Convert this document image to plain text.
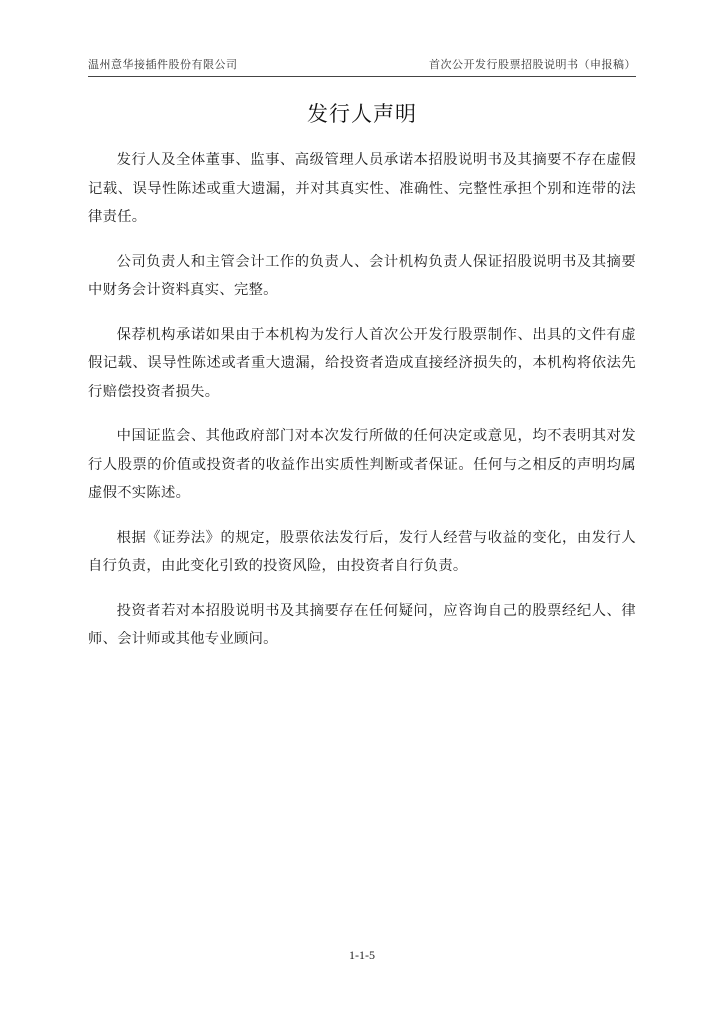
温州意华接插件股份有限公司	首次公开发行股票招股说明书（申报稿）
发行人声明

发行人及全体董事、监事、高级管理人员承诺本招股说明书及其摘要不存在虚假记载、误导性陈述或重大遗漏，并对其真实性、准确性、完整性承担个别和连带的法律责任。

公司负责人和主管会计工作的负责人、会计机构负责人保证招股说明书及其摘要中财务会计资料真实、完整。

保荐机构承诺如果由于本机构为发行人首次公开发行股票制作、出具的文件有虚假记载、误导性陈述或者重大遗漏，给投资者造成直接经济损失的，本机构将依法先行赔偿投资者损失。

中国证监会、其他政府部门对本次发行所做的任何决定或意见，均不表明其对发行人股票的价值或投资者的收益作出实质性判断或者保证。任何与之相反的声明均属虚假不实陈述。

根据《证券法》的规定，股票依法发行后，发行人经营与收益的变化，由发行人自行负责，由此变化引致的投资风险，由投资者自行负责。

投资者若对本招股说明书及其摘要存在任何疑问，应咨询自己的股票经纪人、律师、会计师或其他专业顾问。

1-1-5
